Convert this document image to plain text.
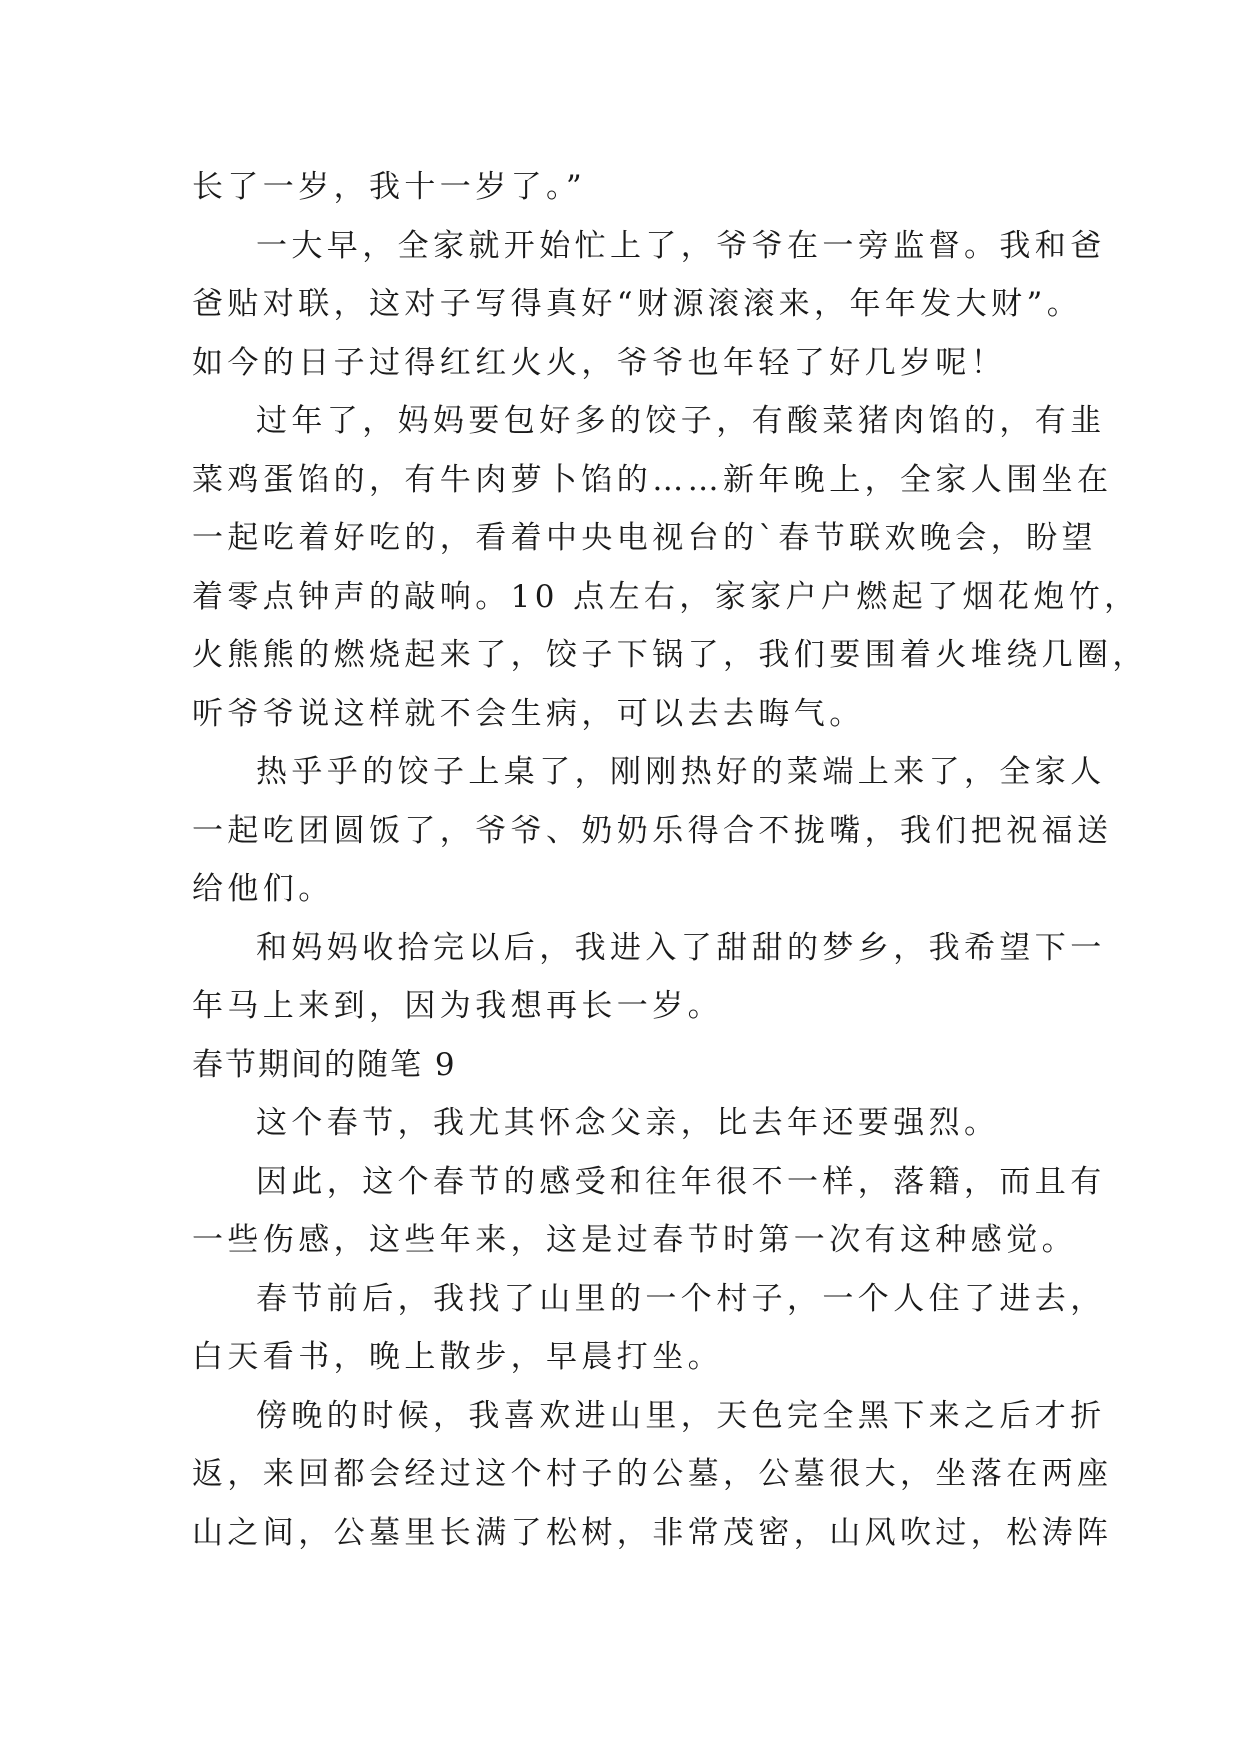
长了一岁，我十一岁了。”
一大早，全家就开始忙上了，爷爷在一旁监督。我和爸
爸贴对联，这对子写得真好“财源滚滚来，年年发大财”。
如今的日子过得红红火火，爷爷也年轻了好几岁呢！
过年了，妈妈要包好多的饺子，有酸菜猪肉馅的，有韭
菜鸡蛋馅的，有牛肉萝卜馅的……新年晚上，全家人围坐在
一起吃着好吃的，看着中央电视台的`春节联欢晚会，盼望
着零点钟声的敲响。10 点左右，家家户户燃起了烟花炮竹，
火熊熊的燃烧起来了，饺子下锅了，我们要围着火堆绕几圈，
听爷爷说这样就不会生病，可以去去晦气。
热乎乎的饺子上桌了，刚刚热好的菜端上来了，全家人
一起吃团圆饭了，爷爷、奶奶乐得合不拢嘴，我们把祝福送
给他们。
和妈妈收拾完以后，我进入了甜甜的梦乡，我希望下一
年马上来到，因为我想再长一岁。
春节期间的随笔 9
这个春节，我尤其怀念父亲，比去年还要强烈。
因此，这个春节的感受和往年很不一样，落籍，而且有
一些伤感，这些年来，这是过春节时第一次有这种感觉。
春节前后，我找了山里的一个村子，一个人住了进去，
白天看书，晚上散步，早晨打坐。
傍晚的时候，我喜欢进山里，天色完全黑下来之后才折
返，来回都会经过这个村子的公墓，公墓很大，坐落在两座
山之间，公墓里长满了松树，非常茂密，山风吹过，松涛阵
